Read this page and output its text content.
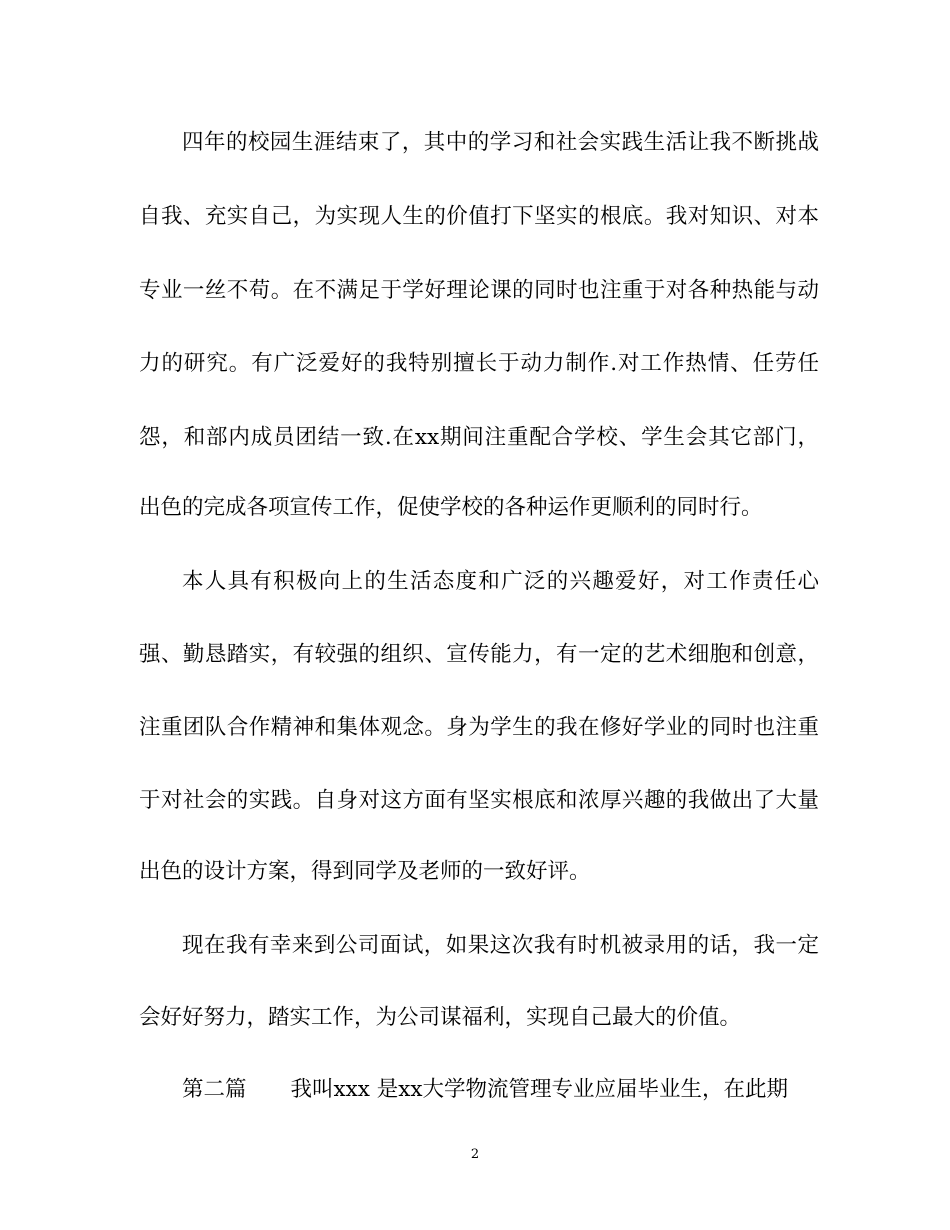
四年的校园生涯结束了，其中的学习和社会实践生活让我不断挑战
自我、充实自己，为实现人生的价值打下坚实的根底。我对知识、对本
专业一丝不苟。在不满足于学好理论课的同时也注重于对各种热能与动
力的研究。有广泛爱好的我特别擅长于动力制作.对工作热情、任劳任
怨，和部内成员团结一致.在xx期间注重配合学校、学生会其它部门，
出色的完成各项宣传工作，促使学校的各种运作更顺利的同时行。
本人具有积极向上的生活态度和广泛的兴趣爱好，对工作责任心
强、勤恳踏实，有较强的组织、宣传能力，有一定的艺术细胞和创意，
注重团队合作精神和集体观念。身为学生的我在修好学业的同时也注重
于对社会的实践。自身对这方面有坚实根底和浓厚兴趣的我做出了大量
出色的设计方案，得到同学及老师的一致好评。
现在我有幸来到公司面试，如果这次我有时机被录用的话，我一定
会好好努力，踏实工作，为公司谋福利，实现自己最大的价值。
第二篇 我叫xxx 是xx大学物流管理专业应届毕业生，在此期
2
